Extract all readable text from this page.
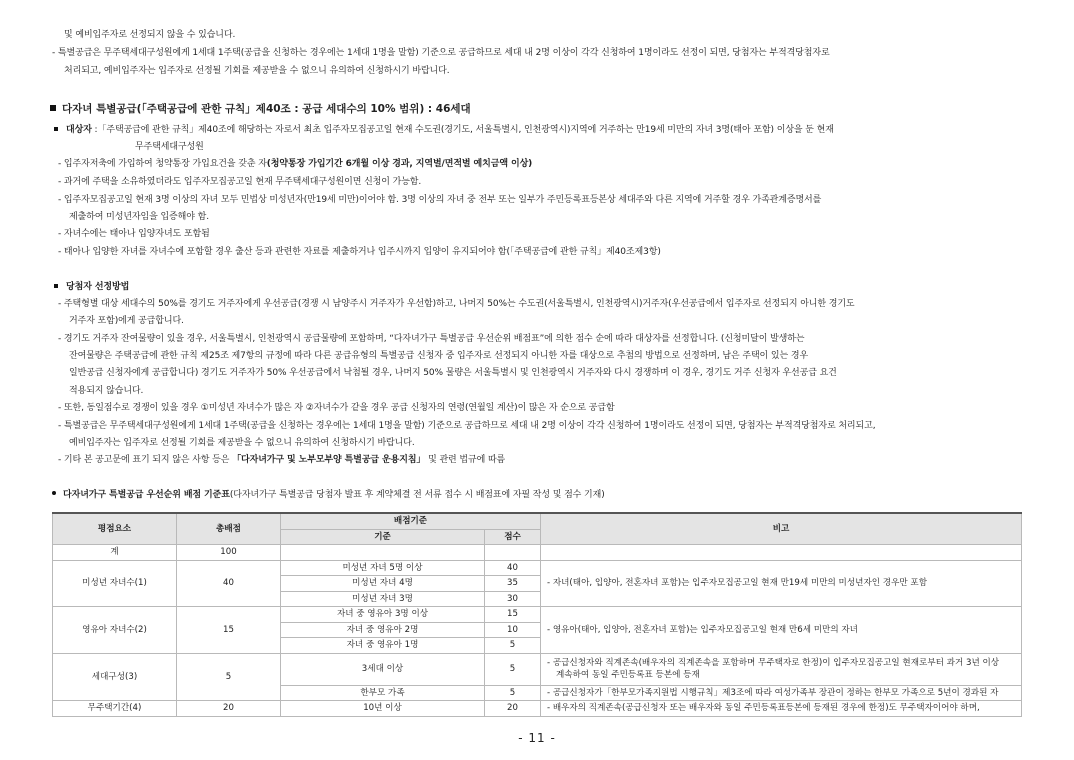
및 예비입주자로 선정되지 않을 수 있습니다.
- 특별공급은 무주택세대구성원에게 1세대 1주택(공급을 신청하는 경우에는 1세대 1명을 말함) 기준으로 공급하므로 세대 내 2명 이상이 각각 신청하여 1명이라도 선정이 되면, 당첨자는 부적격당첨자로
처리되고, 예비입주자는 입주자로 선정될 기회를 제공받을 수 없으니 유의하여 신청하시기 바랍니다.
다자녀 특별공급(「주택공급에 관한 규칙」제40조 : 공급 세대수의 10% 범위) : 46세대
대상자 :「주택공급에 관한 규칙」제40조에 해당하는 자로서 최초 입주자모집공고일 현재 수도권(경기도, 서울특별시, 인천광역시)지역에 거주하는 만19세 미만의 자녀 3명(태아 포함) 이상을 둔 현재
무주택세대구성원
- 입주자저축에 가입하여 청약통장 가입요건을 갖춘 자(청약통장 가입기간 6개월 이상 경과, 지역별/면적별 예치금액 이상)
- 과거에 주택을 소유하였더라도 입주자모집공고일 현재 무주택세대구성원이면 신청이 가능함.
- 입주자모집공고일 현재 3명 이상의 자녀 모두 민법상 미성년자(만19세 미만)이어야 함. 3명 이상의 자녀 중 전부 또는 일부가 주민등록표등본상 세대주와 다른 지역에 거주할 경우 가족관계증명서를
제출하여 미성년자임을 입증해야 함.
- 자녀수에는 태아나 입양자녀도 포함됨
- 태아나 입양한 자녀를 자녀수에 포함할 경우 출산 등과 관련한 자료를 제출하거나 입주시까지 입양이 유지되어야 함(「주택공급에 관한 규칙」제40조제3항)
당첨자 선정방법
- 주택형별 대상 세대수의 50%를 경기도 거주자에게 우선공급(경쟁 시 남양주시 거주자가 우선함)하고, 나머지 50%는 수도권(서울특별시, 인천광역시)거주자(우선공급에서 입주자로 선정되지 아니한 경기도
거주자 포함)에게 공급합니다.
- 경기도 거주자 잔여물량이 있을 경우, 서울특별시, 인천광역시 공급물량에 포함하며, “다자녀가구 특별공급 우선순위 배점표”에 의한 점수 순에 따라 대상자를 선정합니다. (신청미달이 발생하는
잔여물량은 주택공급에 관한 규칙 제25조 제7항의 규정에 따라 다른 공급유형의 특별공급 신청자 중 입주자로 선정되지 아니한 자를 대상으로 추첨의 방법으로 선정하며, 남은 주택이 있는 경우
일반공급 신청자에게 공급합니다) 경기도 거주자가 50% 우선공급에서 낙첨될 경우, 나머지 50% 물량은 서울특별시 및 인천광역시 거주자와 다시 경쟁하며 이 경우, 경기도 거주 신청자 우선공급 요건
적용되지 않습니다.
- 또한, 동일점수로 경쟁이 있을 경우 ①미성년 자녀수가 많은 자 ②자녀수가 같을 경우 공급 신청자의 연령(연월일 계산)이 많은 자 순으로 공급함
- 특별공급은 무주택세대구성원에게 1세대 1주택(공급을 신청하는 경우에는 1세대 1명을 말함) 기준으로 공급하므로 세대 내 2명 이상이 각각 신청하여 1명이라도 선정이 되면, 당첨자는 부적격당첨자로 처리되고,
예비입주자는 입주자로 선정될 기회를 제공받을 수 없으니 유의하여 신청하시기 바랍니다.
- 기타 본 공고문에 표기 되지 않은 사항 등은 「다자녀가구 및 노부모부양 특별공급 운용지침」 및 관련 법규에 따름
다자녀가구 특별공급 우선순위 배점 기준표(다자녀가구 특별공급 당첨자 발표 후 계약체결 전 서류 접수 시 배점표에 자필 작성 및 점수 기재)
평점요소	총배점	배점기준		비고
		기준	점수	
계	100			
미성년 자녀수(1)	40	미성년 자녀 5명 이상	40	- 자녀(태아, 입양아, 전혼자녀 포함)는 입주자모집공고일 현재 만19세 미만의 미성년자인 경우만 포함
		미성년 자녀 4명	35	
		미성년 자녀 3명	30	
영유아 자녀수(2)	15	자녀 중 영유아 3명 이상	15	- 영유아(태아, 입양아, 전혼자녀 포함)는 입주자모집공고일 현재 만6세 미만의 자녀
		자녀 중 영유아 2명	10	
		자녀 중 영유아 1명	5	
세대구성(3)	5	3세대 이상	5	- 공급신청자와 직계존속(배우자의 직계존속을 포함하며 무주택자로 한정)이 입주자모집공고일 현재로부터 과거 3년 이상
계속하여 동일 주민등록표 등본에 등재

		한부모 가족	5	- 공급신청자가「한부모가족지원법 시행규칙」제3조에 따라 여성가족부 장관이 정하는 한부모 가족으로 5년이 경과된 자
무주택기간(4)	20	10년 이상	20	- 배우자의 직계존속(공급신청자 또는 배우자와 동일 주민등록표등본에 등재된 경우에 한정)도 무주택자이어야 하며,
- 11 -
